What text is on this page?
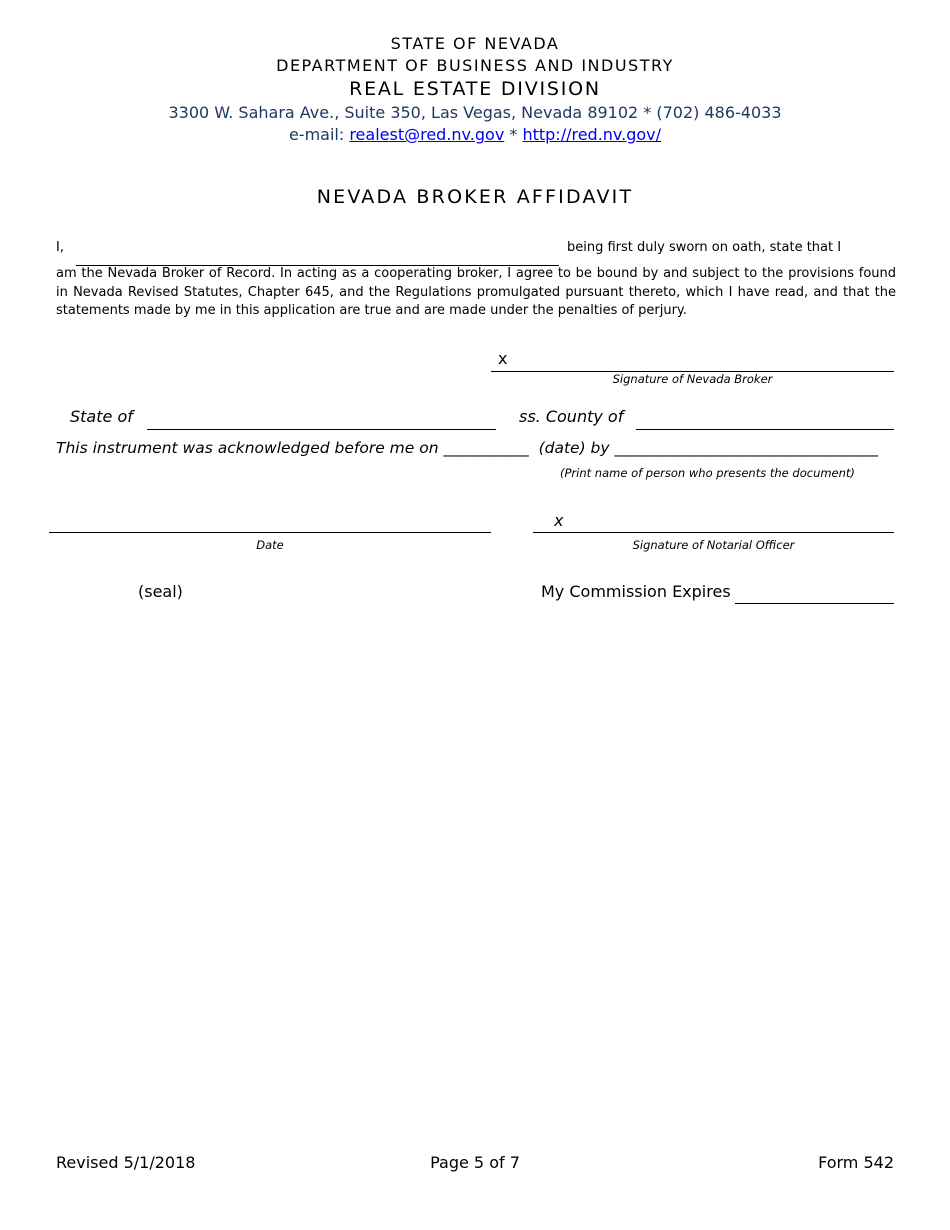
STATE OF NEVADA
DEPARTMENT OF BUSINESS AND INDUSTRY
REAL ESTATE DIVISION
3300 W. Sahara Ave., Suite 350, Las Vegas, Nevada 89102 * (702) 486-4033
e-mail: realest@red.nv.gov * http://red.nv.gov/
NEVADA BROKER AFFIDAVIT
I,	being first duly sworn on oath, state that I
am the Nevada Broker of Record. In acting as a cooperating broker, I agree to be bound by and subject to the provisions found in Nevada Revised Statutes, Chapter 645, and the Regulations promulgated pursuant thereto, which I have read, and that the statements made by me in this application are true and are made under the penalties of perjury.
x
Signature of Nevada Broker
State of	ss. County of
This instrument was acknowledged before me on ___________  (date) by __________________________________
(Print name of person who presents the document)
Date
x
Signature of Notarial Officer
(seal)	My Commission Expires
Revised 5/1/2018	Page 5 of 7	Form 542
